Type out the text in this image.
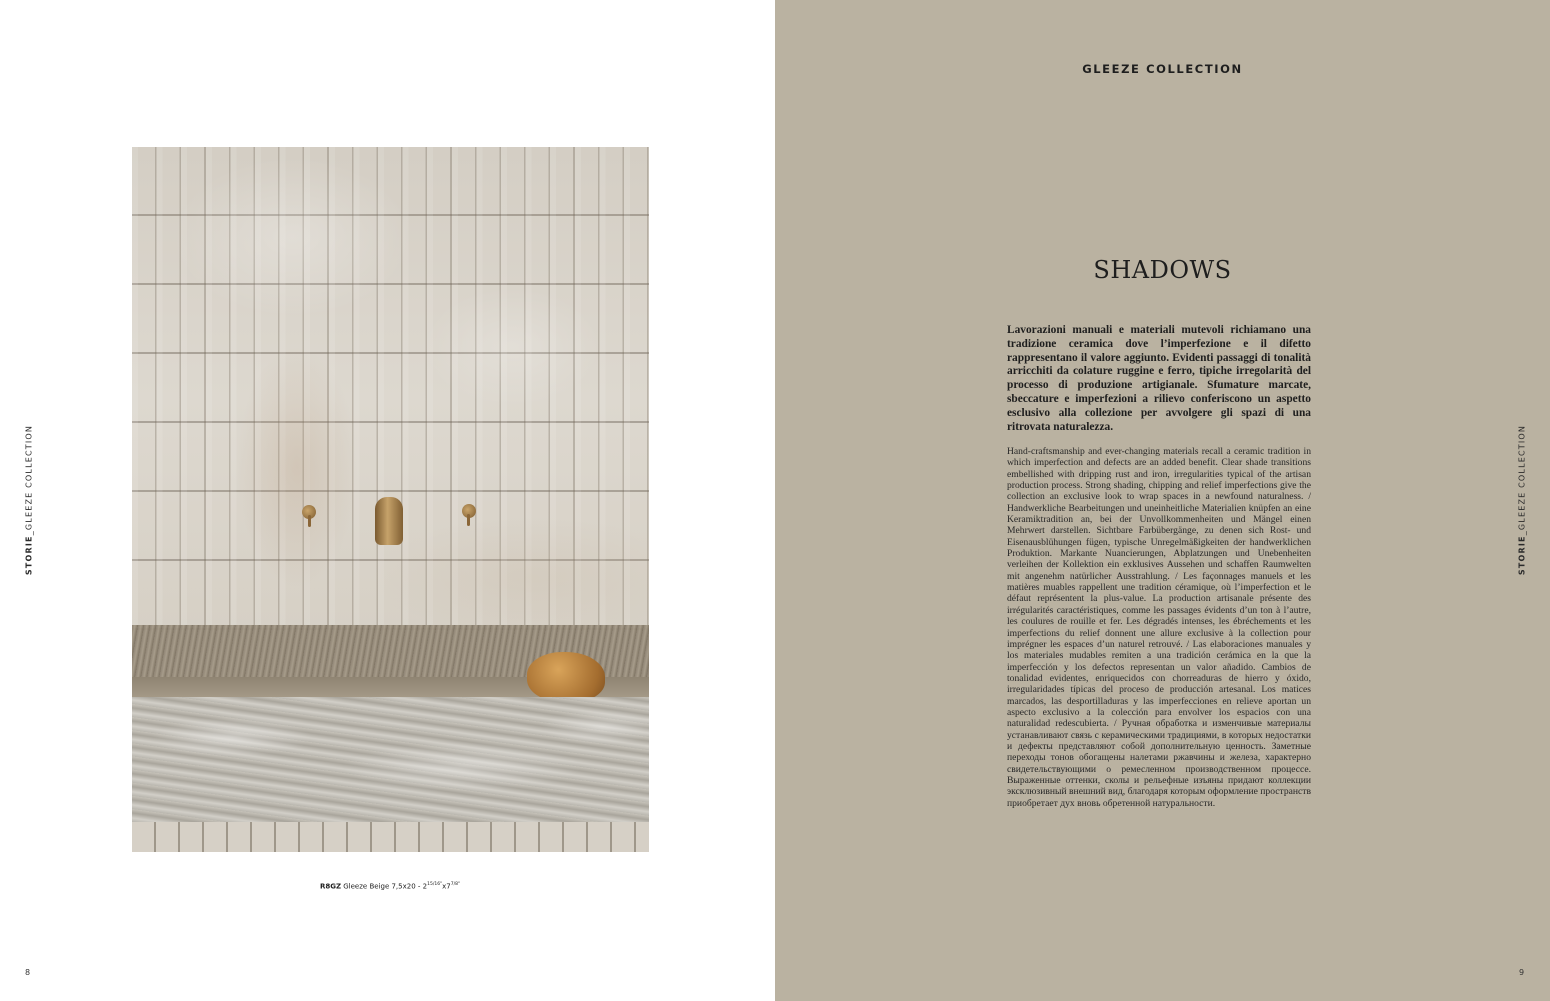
R8GZ Gleeze Beige $7,5x20 - 2^{15/16"}x7^{7/8"}$
STORIE_GLEEZE COLLECTION
8
GLEEZE COLLECTION
SHADOWS

Lavorazioni manuali e materiali mutevoli richiamano una tradizione ceramica dove l’imperfezione e il difetto rappresentano il valore aggiunto. Evidenti passaggi di tonalità arricchiti da colature ruggine e ferro, tipiche irregolarità del processo di produzione artigianale. Sfumature marcate, sbeccature e imperfezioni a rilievo conferiscono un aspetto esclusivo alla collezione per avvolgere gli spazi di una ritrovata naturalezza.

Hand-craftsmanship and ever-changing materials recall a ceramic tradition in which imperfection and defects are an added benefit. Clear shade transitions embellished with dripping rust and iron, irregularities typical of the artisan production process. Strong shading, chipping and relief imperfections give the collection an exclusive look to wrap spaces in a newfound naturalness. / Handwerkliche Bearbeitungen und uneinheitliche Materialien knüpfen an eine Keramiktradition an, bei der Unvollkommenheiten und Mängel einen Mehrwert darstellen. Sichtbare Farbübergänge, zu denen sich Rost- und Eisenausblühungen fügen, typische Unregelmäßigkeiten der handwerklichen Produktion. Markante Nuancierungen, Abplatzungen und Unebenheiten verleihen der Kollektion ein exklusives Aussehen und schaffen Raumwelten mit angenehm natürlicher Ausstrahlung. / Les façonnages manuels et les matières muables rappellent une tradition céramique, où l’imperfection et le défaut représentent la plus-value. La production artisanale présente des irrégularités caractéristiques, comme les passages évidents d’un ton à l’autre, les coulures de rouille et fer. Les dégradés intenses, les ébréchements et les imperfections du relief donnent une allure exclusive à la collection pour imprégner les espaces d’un naturel retrouvé. / Las elaboraciones manuales y los materiales mudables remiten a una tradición cerámica en la que la imperfección y los defectos representan un valor añadido. Cambios de tonalidad evidentes, enriquecidos con chorreaduras de hierro y óxido, irregularidades típicas del proceso de producción artesanal. Los matices marcados, las desportilladuras y las imperfecciones en relieve aportan un aspecto exclusivo a la colección para envolver los espacios con una naturalidad redescubierta. / Ручная обработка и изменчивые материалы устанавливают связь с керамическими традициями, в которых недостатки и дефекты представляют собой дополнительную ценность. Заметные переходы тонов обогащены налетами ржавчины и железа, характерно свидетельствующими о ремесленном производственном процессе. Выраженные оттенки, сколы и рельефные изъяны придают коллекции эксклюзивный внешний вид, благодаря которым оформление пространств приобретает дух вновь обретенной натуральности.

STORIE_GLEEZE COLLECTION
9
